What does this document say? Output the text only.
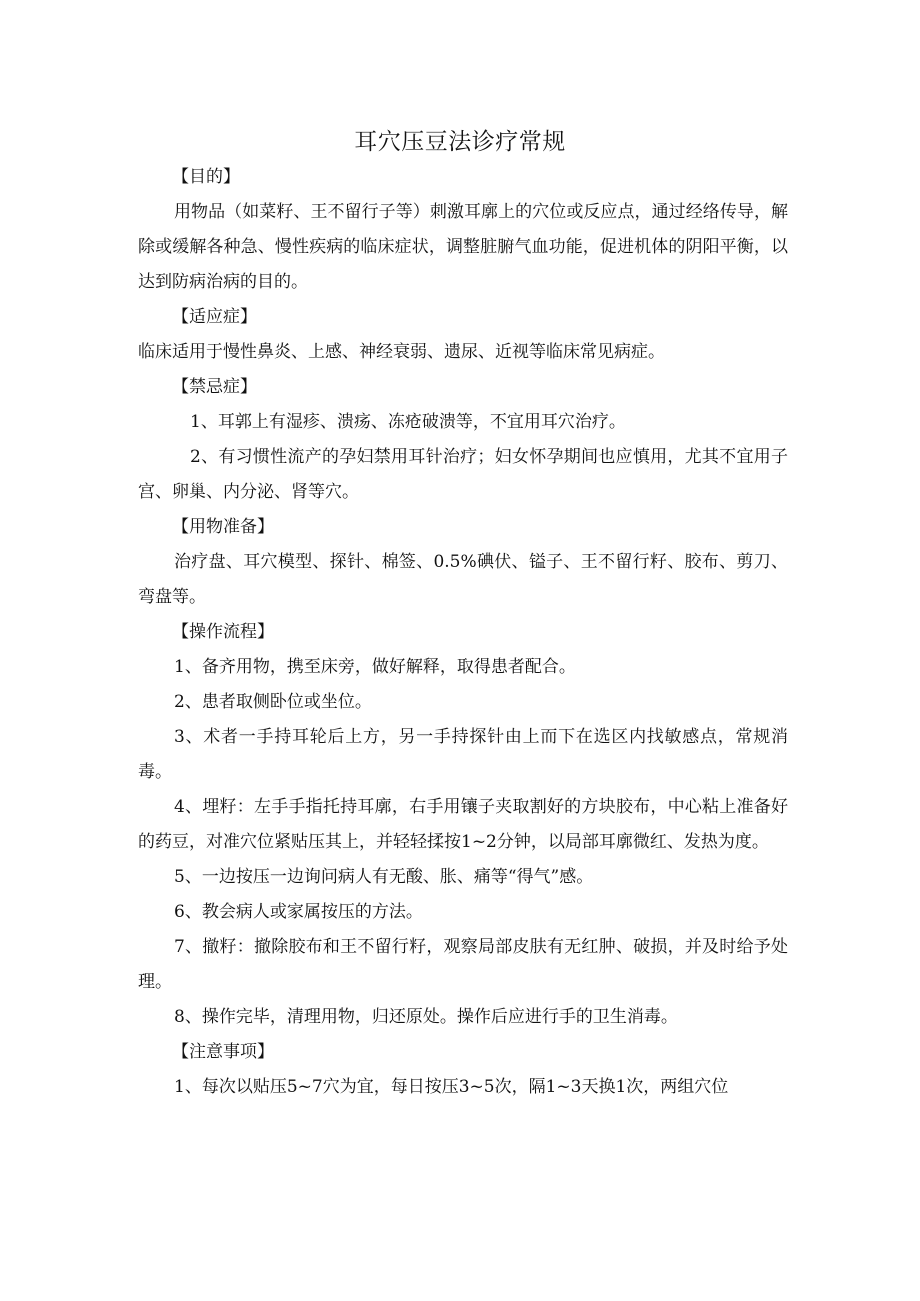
耳穴压豆法诊疗常规

【目的】

用物品（如菜籽、王不留行子等）刺激耳廓上的穴位或反应点，通过经络传导，解除或缓解各种急、慢性疾病的临床症状，调整脏腑气血功能，促进机体的阴阳平衡，以达到防病治病的目的。

【适应症】

临床适用于慢性鼻炎、上感、神经衰弱、遗尿、近视等临床常见病症。

【禁忌症】

1、耳郭上有湿疹、溃疡、冻疮破溃等，不宜用耳穴治疗。

2、有习惯性流产的孕妇禁用耳针治疗；妇女怀孕期间也应慎用，尤其不宜用子宫、卵巢、内分泌、肾等穴。

【用物准备】

治疗盘、耳穴模型、探针、棉签、0.5%碘伏、镒子、王不留行籽、胶布、剪刀、弯盘等。

【操作流程】

1、备齐用物，携至床旁，做好解释，取得患者配合。

2、患者取侧卧位或坐位。

3、术者一手持耳轮后上方，另一手持探针由上而下在选区内找敏感点，常规消毒。

4、埋籽：左手手指托持耳廓，右手用镶子夹取割好的方块胶布，中心粘上准备好的药豆，对准穴位紧贴压其上，并轻轻揉按1~2分钟，以局部耳廓微红、发热为度。

5、一边按压一边询问病人有无酸、胀、痛等“得气”感。

6、教会病人或家属按压的方法。

7、撤籽：撤除胶布和王不留行籽，观察局部皮肤有无红肿、破损，并及时给予处理。

8、操作完毕，清理用物，归还原处。操作后应进行手的卫生消毒。

【注意事项】

1、每次以贴压5~7穴为宜，每日按压3~5次，隔1~3天换1次，两组穴位
